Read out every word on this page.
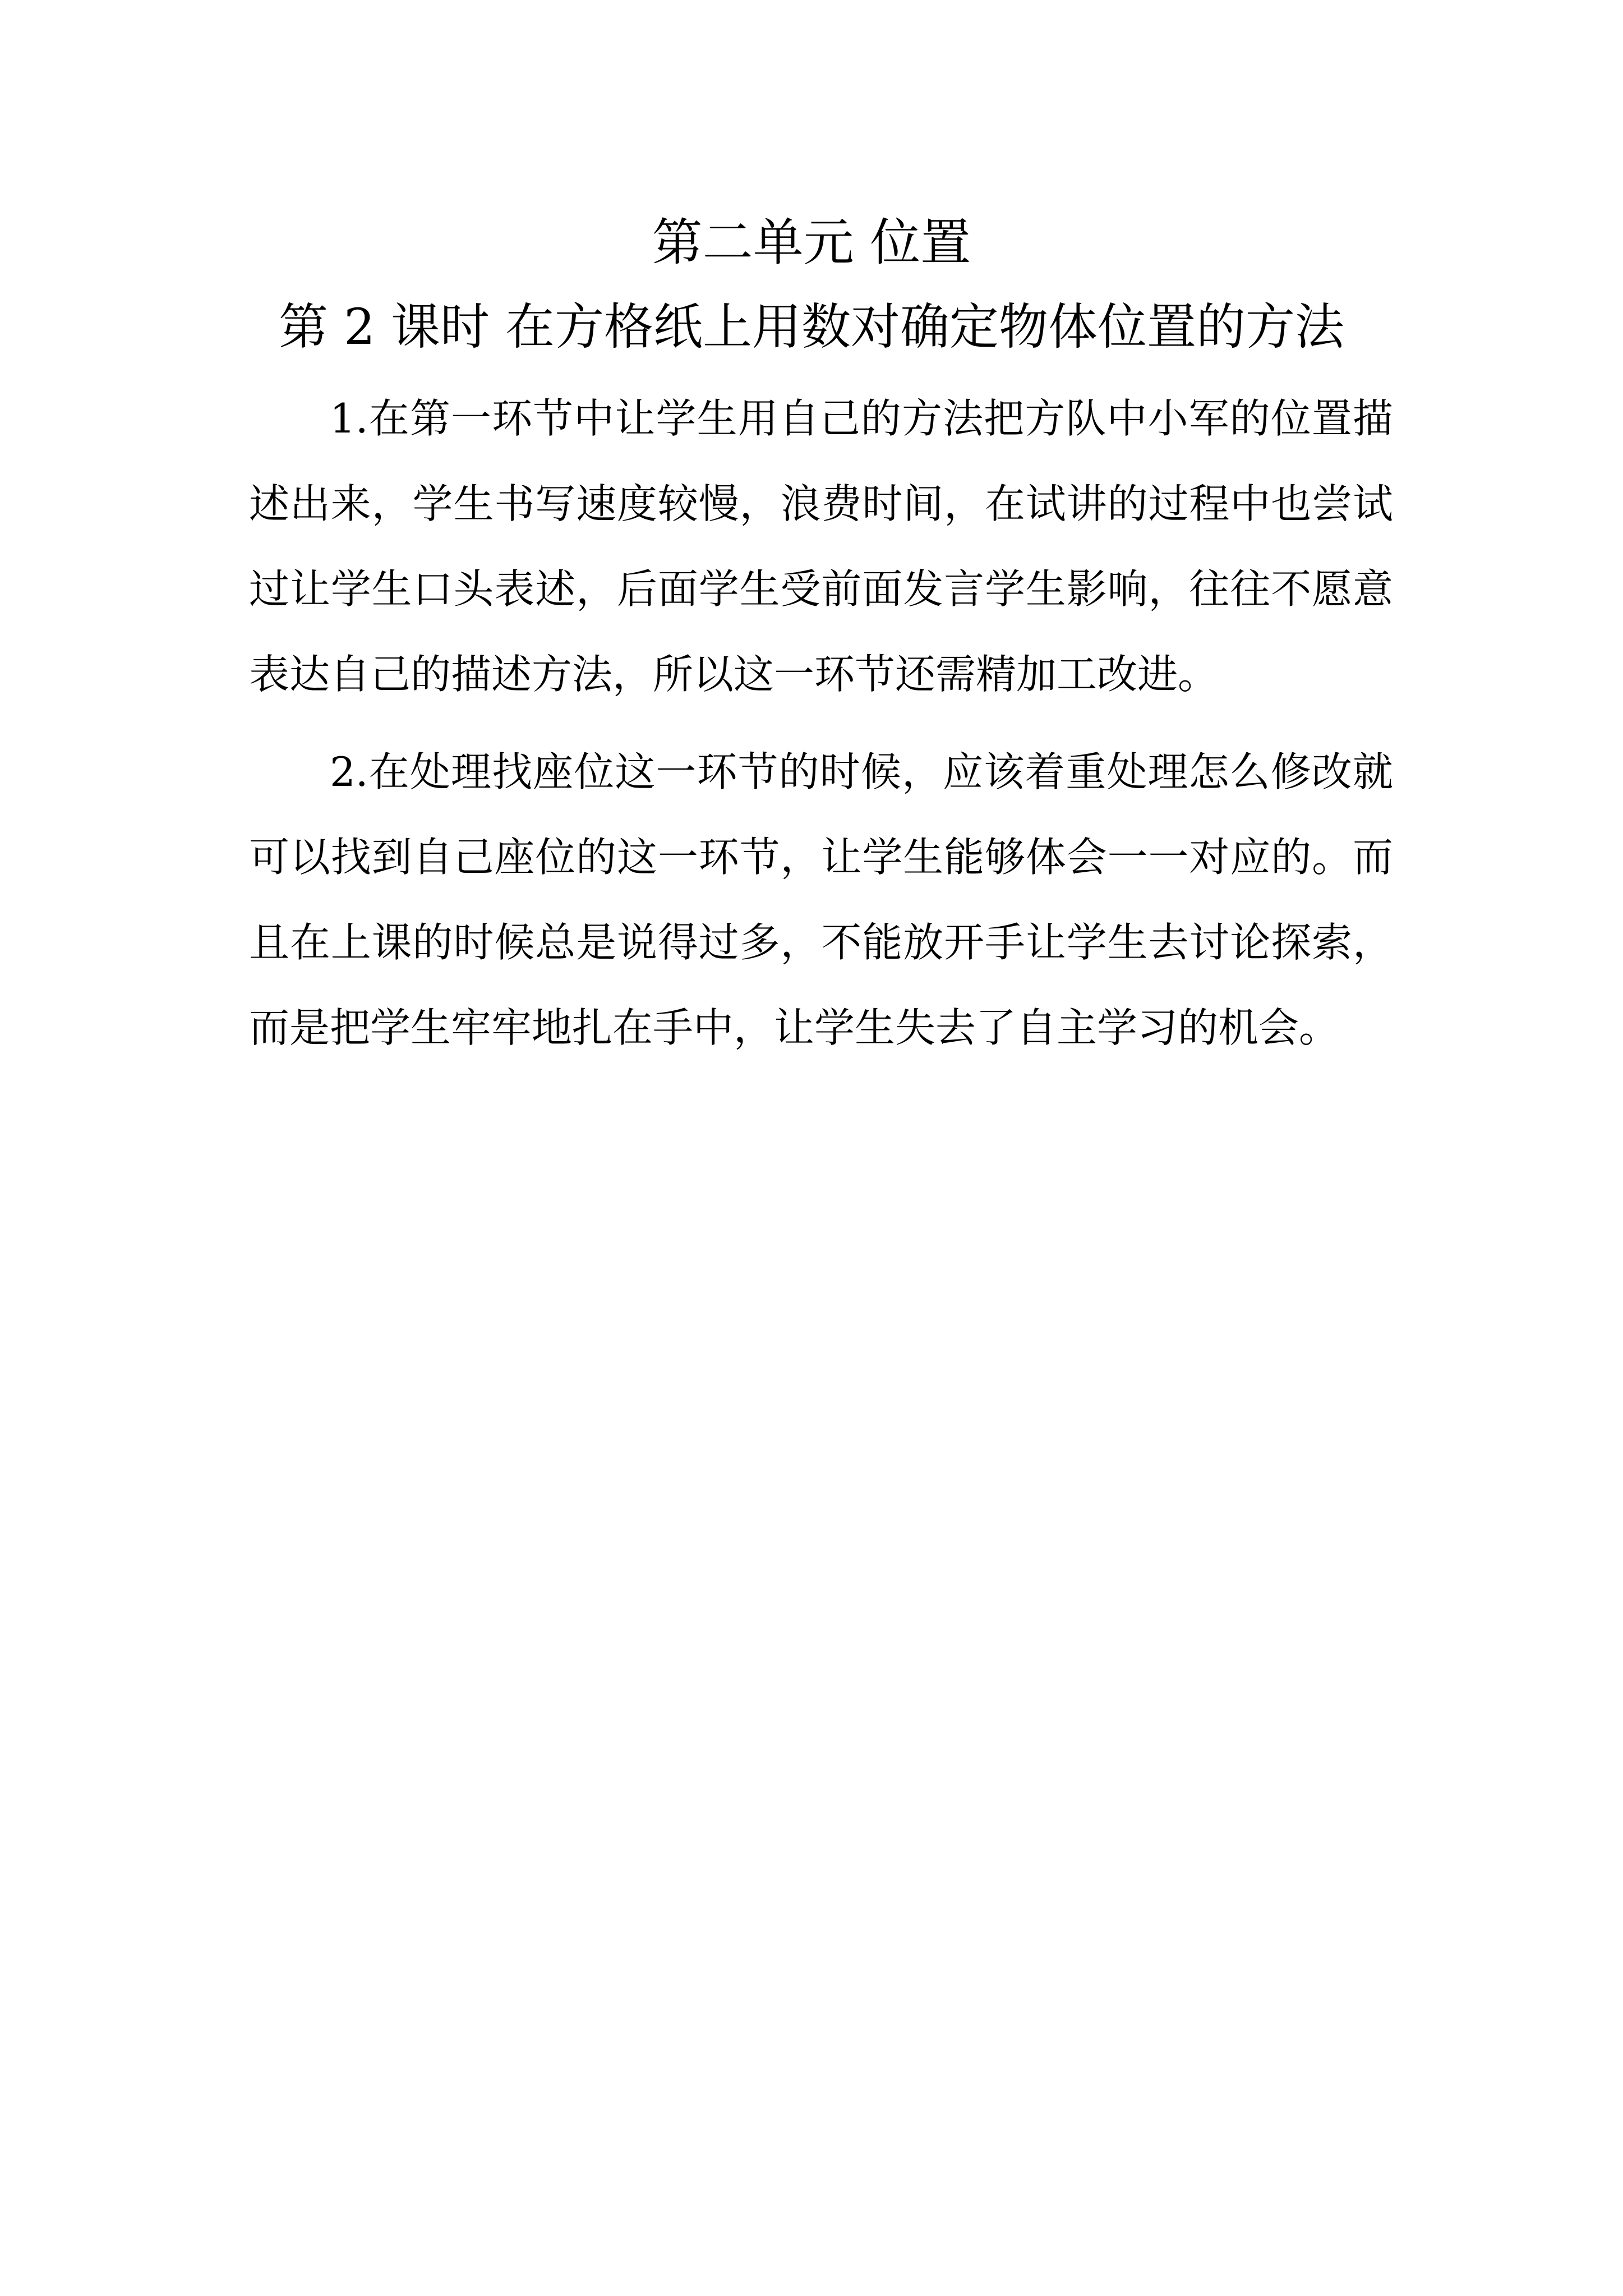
第二单元 位置
第 2 课时 在方格纸上用数对确定物体位置的方法

1.在第一环节中让学生用自己的方法把方队中小军的位置描述出来，学生书写速度较慢，浪费时间，在试讲的过程中也尝试过让学生口头表述，后面学生受前面发言学生影响，往往不愿意表达自己的描述方法，所以这一环节还需精加工改进。

2.在处理找座位这一环节的时候，应该着重处理怎么修改就可以找到自己座位的这一环节，让学生能够体会一一对应的。而且在上课的时候总是说得过多，不能放开手让学生去讨论探索，而是把学生牢牢地扎在手中，让学生失去了自主学习的机会。
